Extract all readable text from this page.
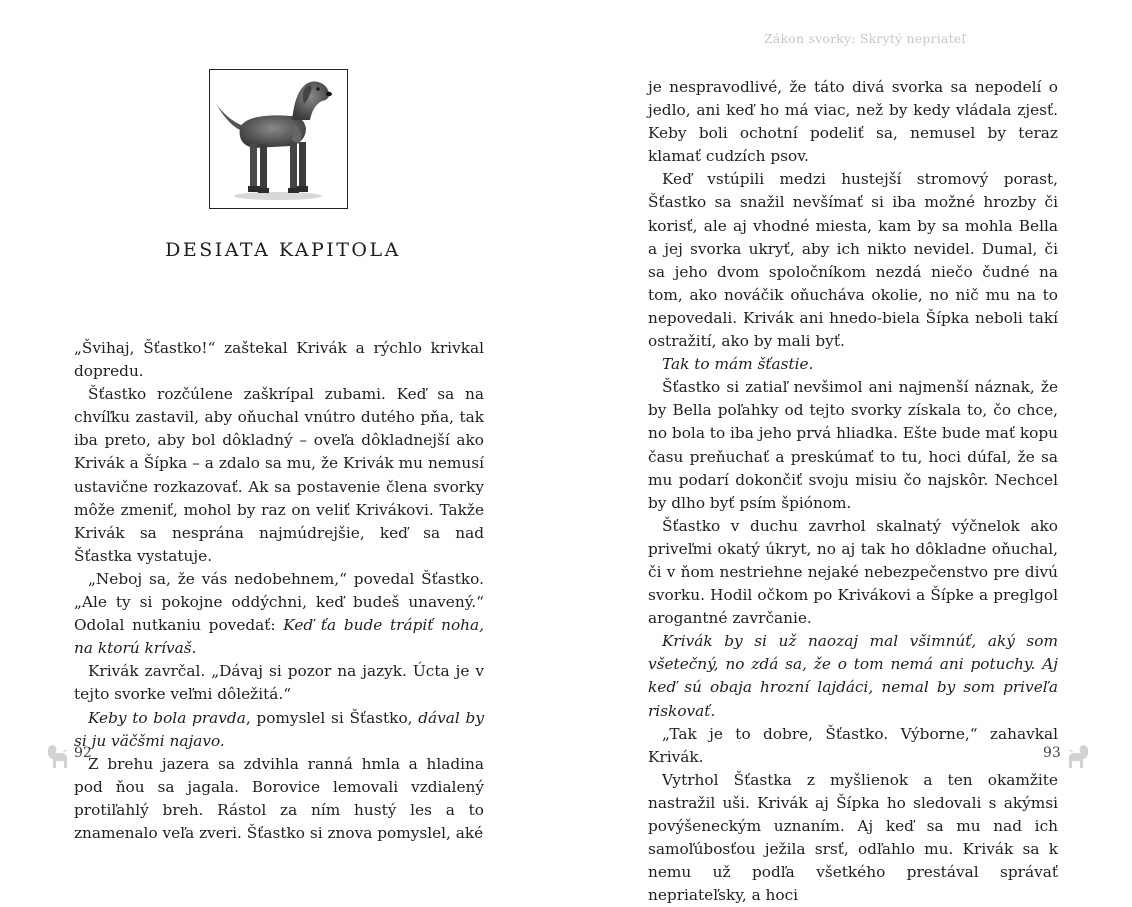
DESIATA KAPITOLA

„Švihaj, Šťastko!“ zaštekal Krivák a rýchlo krivkal dopredu.

Šťastko rozčúlene zaškrípal zubami. Keď sa na chvíľku zastavil, aby oňuchal vnútro dutého pňa, tak iba preto, aby bol dôkladný – oveľa dôkladnejší ako Krivák a Šípka – a zdalo sa mu, že Krivák mu nemusí ustavične rozkazovať. Ak sa postavenie člena svorky môže zmeniť, mohol by raz on veliť Krivákovi. Takže Krivák sa nesprána najmúdrejšie, keď sa nad Šťastka vystatuje.

„Neboj sa, že vás nedobehnem,“ povedal Šťastko. „Ale ty si pokojne oddýchni, keď budeš unavený.“ Odolal nutkaniu povedať: Keď ťa bude trápiť noha, na ktorú krívaš.

Krivák zavrčal. „Dávaj si pozor na jazyk. Úcta je v tejto svorke veľmi dôležitá.“

Keby to bola pravda, pomyslel si Šťastko, dával by si ju väčšmi najavo.

Z brehu jazera sa zdvihla ranná hmla a hladina pod ňou sa jagala. Borovice lemovali vzdialený protiľahlý breh. Rástol za ním hustý les a to znamenalo veľa zveri. Šťastko si znova pomyslel, aké

92
Zákon svorky: Skrytý nepriateľ

je nespravodlivé, že táto divá svorka sa nepodelí o jedlo, ani keď ho má viac, než by kedy vládala zjesť. Keby boli ochotní podeliť sa, nemusel by teraz klamať cudzích psov.

Keď vstúpili medzi hustejší stromový porast, Šťastko sa snažil nevšímať si iba možné hrozby či korisť, ale aj vhodné miesta, kam by sa mohla Bella a jej svorka ukryť, aby ich nikto nevidel. Dumal, či sa jeho dvom spoločníkom nezdá niečo čudné na tom, ako nováčik oňucháva okolie, no nič mu na to nepovedali. Krivák ani hnedo-biela Šípka neboli takí ostražití, ako by mali byť.

Tak to mám šťastie.

Šťastko si zatiaľ nevšimol ani najmenší náznak, že by Bella poľahky od tejto svorky získala to, čo chce, no bola to iba jeho prvá hliadka. Ešte bude mať kopu času preňuchať a preskúmať to tu, hoci dúfal, že sa mu podarí dokončiť svoju misiu čo najskôr. Nechcel by dlho byť psím špiónom.

Šťastko v duchu zavrhol skalnatý výčnelok ako priveľmi okatý úkryt, no aj tak ho dôkladne oňuchal, či v ňom nestriehne nejaké nebezpečenstvo pre divú svorku. Hodil očkom po Krivákovi a Šípke a preglgol arogantné zavrčanie.

Krivák by si už naozaj mal všimnúť, aký som všetečný, no zdá sa, že o tom nemá ani potuchy. Aj keď sú obaja hrozní lajdáci, nemal by som priveľa riskovať.

„Tak je to dobre, Šťastko. Výborne,“ zahavkal Krivák.

Vytrhol Šťastka z myšlienok a ten okamžite nastražil uši. Krivák aj Šípka ho sledovali s akýmsi povýšeneckým uznaním. Aj keď sa mu nad ich samoľúbosťou ježila srsť, odľahlo mu. Krivák sa k nemu už podľa všetkého prestával správať nepriateľsky, a hoci

93
